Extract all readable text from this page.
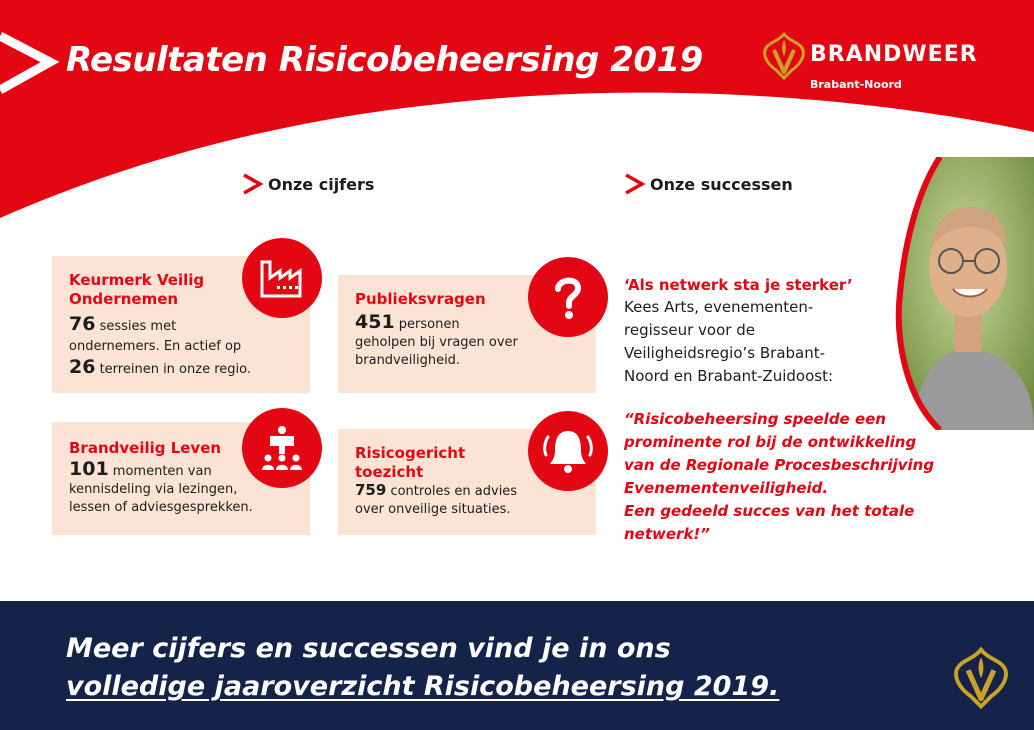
Resultaten Risicobeheersing 2019	BRANDWEER
Brabant-Noord
Onze cijfers	Onze successen
Keurmerk Veilig Ondernemen
76 sessies met
ondernemers. En actief op
26 terreinen in onze regio.
Publieksvragen
451 personen
geholpen bij vragen over
brandveiligheid.
Brandveilig Leven
101 momenten van
kennisdeling via lezingen,
lessen of adviesgesprekken.
Risicogericht toezicht
759 controles en advies
over onveilige situaties.
‘Als netwerk sta je sterker’
Kees Arts, evenementen-regisseur voor de Veiligheidsregio’s Brabant-Noord en Brabant-Zuidoost:
“Risicobeheersing speelde een
prominente rol bij de ontwikkeling
van de Regionale Procesbeschrijving
Evenementenveiligheid.
Een gedeeld succes van het totale netwerk!”
Meer cijfers en successen vind je in ons
volledige jaaroverzicht Risicobeheersing 2019.
